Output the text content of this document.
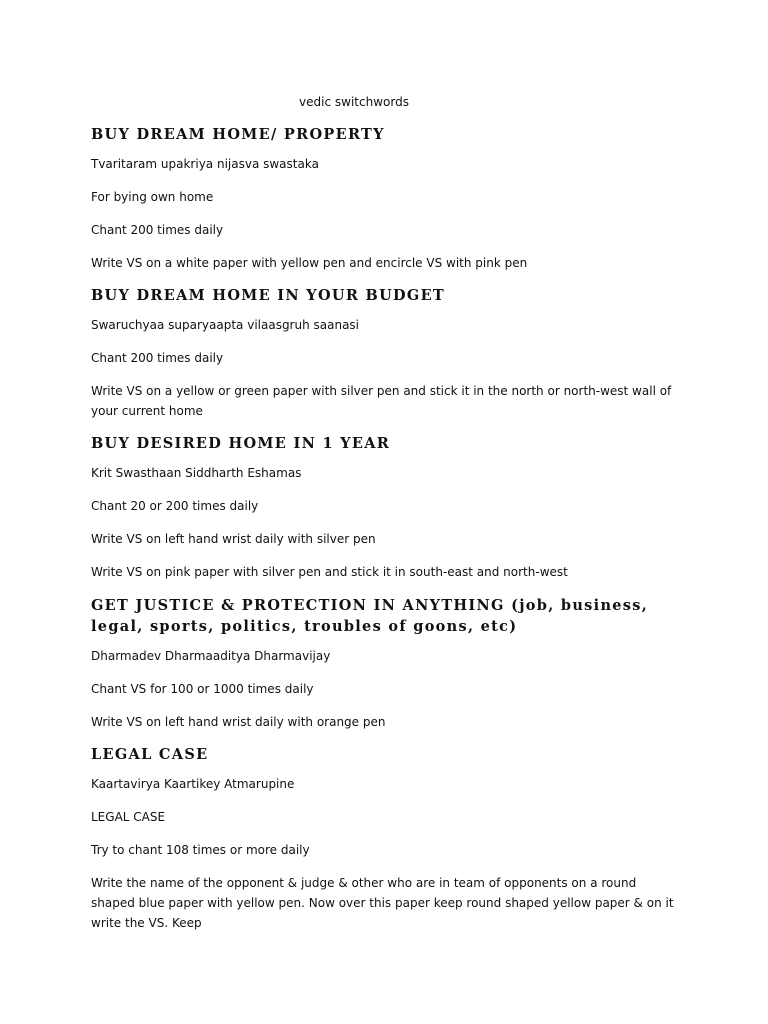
vedic switchwords
BUY DREAM HOME/ PROPERTY
Tvaritaram upakriya nijasva swastaka
For bying own home
Chant 200 times daily
Write VS on a white paper with yellow pen and encircle VS with pink pen
BUY DREAM HOME IN YOUR BUDGET
Swaruchyaa suparyaapta vilaasgruh saanasi
Chant 200 times daily
Write VS on a yellow or green paper with silver pen and stick it in the north or north-west wall of your current home
BUY DESIRED HOME IN 1 YEAR
Krit Swasthaan Siddharth Eshamas
Chant 20 or 200 times daily
Write VS on left hand wrist daily with silver pen
Write VS on pink paper with silver pen and stick it in south-east and north-west
GET JUSTICE & PROTECTION IN ANYTHING (job, business, legal, sports, politics, troubles of goons, etc)
Dharmadev Dharmaaditya Dharmavijay
Chant VS for 100 or 1000 times daily
Write VS on left hand wrist daily with orange pen
LEGAL CASE
Kaartavirya Kaartikey Atmarupine
LEGAL CASE
Try to chant 108 times or more daily
Write the name of the opponent & judge & other who are in team of opponents on a round shaped blue paper with yellow pen. Now over this paper keep round shaped yellow paper & on it write the VS. Keep
